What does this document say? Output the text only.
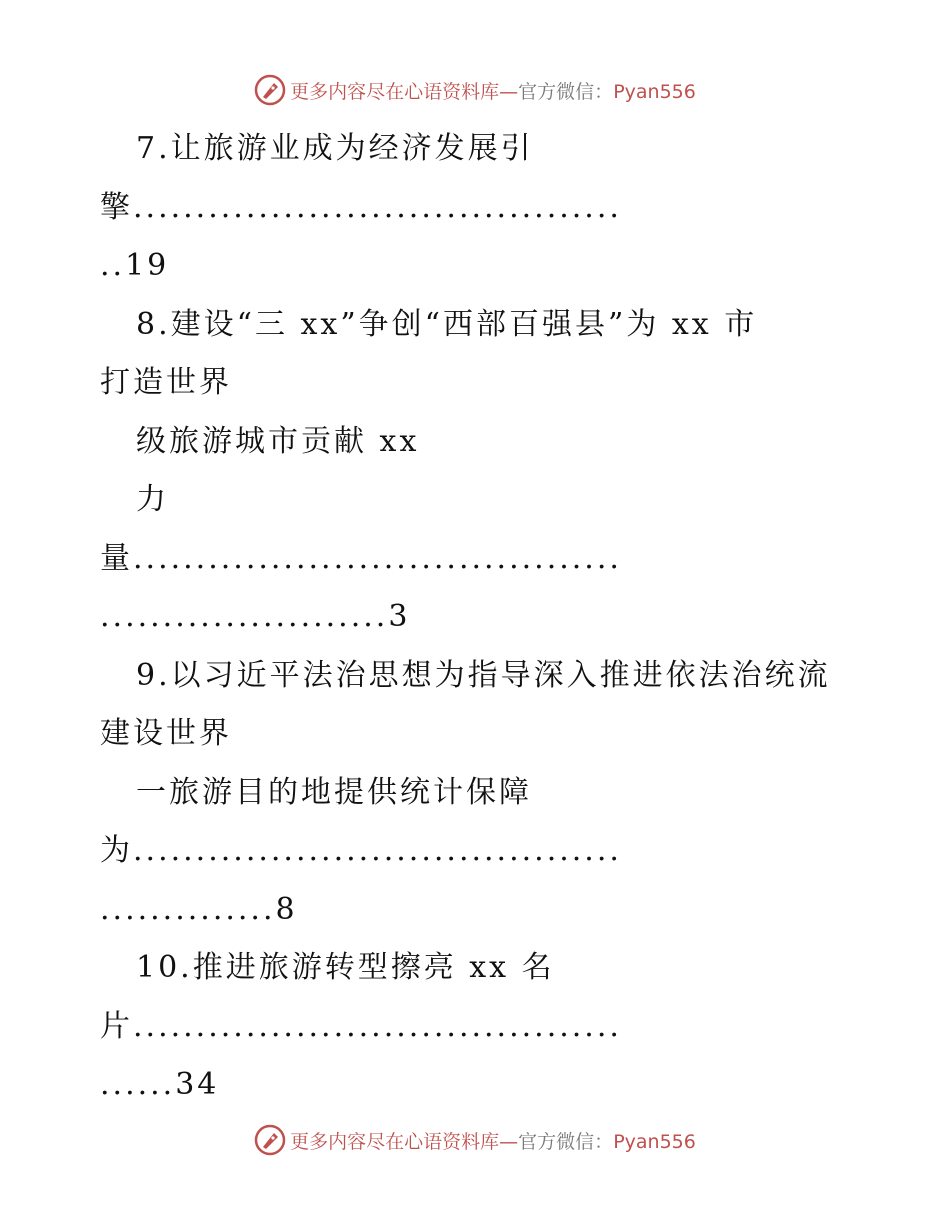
更多内容尽在心语资料库—官方微信：Pyan556
7.让旅游业成为经济发展引
擎.......................................
..19
8.建设“三 xx”争创“西部百强县”为 xx 市
打造世界
级旅游城市贡献 xx
力
量.......................................
.......................3
9.以习近平法治思想为指导深入推进依法治统流
建设世界
一旅游目的地提供统计保障
为.......................................
..............8
10.推进旅游转型擦亮 xx 名
片.......................................
......34
更多内容尽在心语资料库—官方微信：Pyan556
